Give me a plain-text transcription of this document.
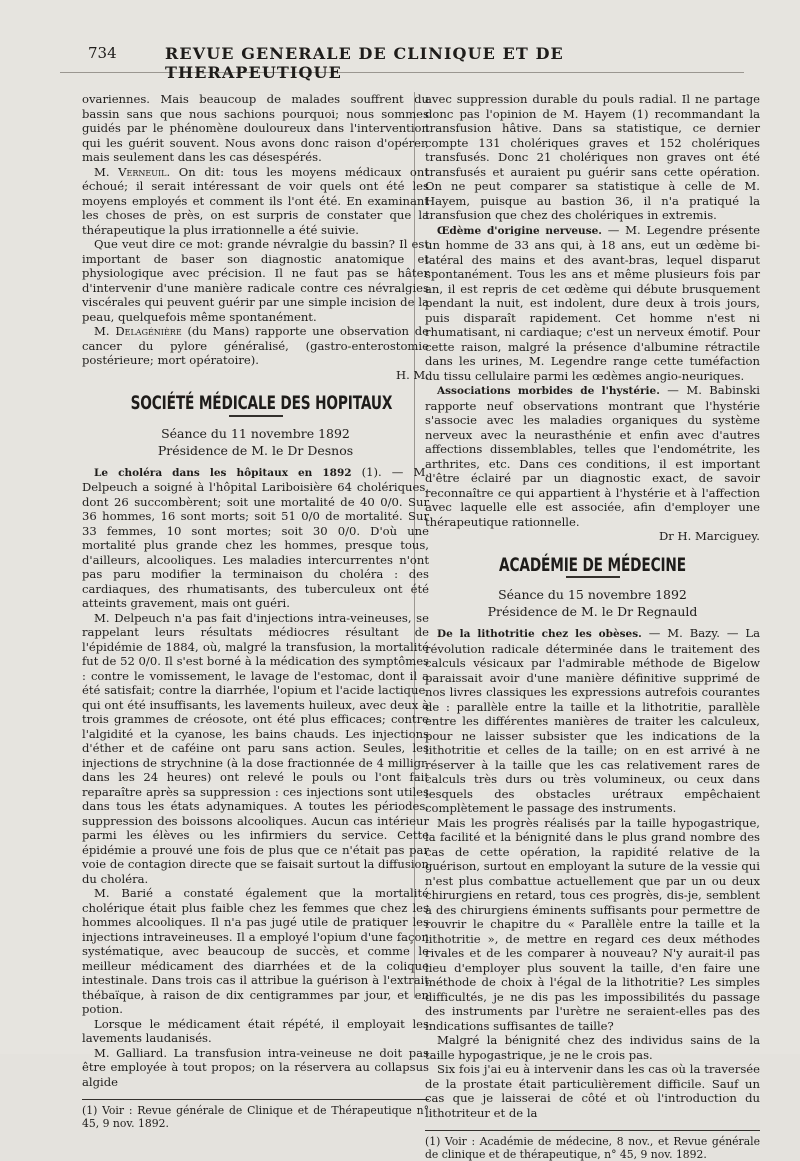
734	REVUE GENERALE DE CLINIQUE ET DE THERAPEUTIQUE

ovariennes. Mais beaucoup de malades souffrent du bassin sans que nous sachions pourquoi; nous sommes guidés par le phénomène douloureux dans l'intervention qui les guérit souvent. Nous avons donc raison d'opérer, mais seulement dans les cas désespérés.

M. Verneuil. On dit: tous les moyens médicaux ont échoué; il serait intéressant de voir quels ont été les moyens employés et comment ils l'ont été. En examinant les choses de près, on est surpris de constater que la thérapeutique la plus irrationnelle a été suivie.

Que veut dire ce mot: grande névralgie du bassin? Il est important de baser son diagnostic anatomique et physiologique avec précision. Il ne faut pas se hâter d'intervenir d'une manière radicale contre ces névralgies viscérales qui peuvent guérir par une simple incision de la peau, quelquefois même spontanément.

M. Delagénière (du Mans) rapporte une observation de cancer du pylore généralisé, (gastro-enterostomie postérieure; mort opératoire).

H. M.

SOCIÉTÉ MÉDICALE DES HOPITAUX
Séance du 11 novembre 1892
Présidence de M. le Dr Desnos

Le choléra dans les hôpitaux en 1892 (1). — M. Delpeuch a soigné à l'hôpital Lariboisière 64 cholériques, dont 26 succombèrent; soit une mortalité de 40 0/0. Sur 36 hommes, 16 sont morts; soit 51 0/0 de mortalité. Sur 33 femmes, 10 sont mortes; soit 30 0/0. D'où une mortalité plus grande chez les hommes, presque tous, d'ailleurs, alcooliques. Les maladies intercurrentes n'ont pas paru modifier la terminaison du choléra : des cardiaques, des rhumatisants, des tuberculeux ont été atteints gravement, mais ont guéri.

M. Delpeuch n'a pas fait d'injections intra-veineuses, se rappelant leurs résultats médiocres résultant de l'épidémie de 1884, où, malgré la transfusion, la mortalité fut de 52 0/0. Il s'est borné à la médication des symptômes : contre le vomissement, le lavage de l'estomac, dont il a été satisfait; contre la diarrhée, l'opium et l'acide lactique, qui ont été insuffisants, les lavements huileux, avec deux à trois grammes de créosote, ont été plus efficaces; contre l'algidité et la cyanose, les bains chauds. Les injections d'éther et de caféine ont paru sans action. Seules, les injections de strychnine (à la dose fractionnée de 4 milligr. dans les 24 heures) ont relevé le pouls ou l'ont fait reparaître après sa suppression : ces injections sont utiles dans tous les états adynamiques. A toutes les périodes, suppression des boissons alcooliques. Aucun cas intérieur parmi les élèves ou les infirmiers du service. Cette épidémie a prouvé une fois de plus que ce n'était pas par voie de contagion directe que se faisait surtout la diffusion du choléra.

M. Barié a constaté également que la mortalité cholérique était plus faible chez les femmes que chez les hommes alcooliques. Il n'a pas jugé utile de pratiquer les injections intraveineuses. Il a employé l'opium d'une façon systématique, avec beaucoup de succès, et comme le meilleur médicament des diarrhées et de la colique intestinale. Dans trois cas il attribue la guérison à l'extrait thébaïque, à raison de dix centigrammes par jour, et en potion.

Lorsque le médicament était répété, il employait les lavements laudanisés.

M. Galliard. La transfusion intra-veineuse ne doit pas être employée à tout propos; on la réservera au collapsus algide

(1) Voir : Revue générale de Clinique et de Thérapeutique n° 45, 9 nov. 1892.

avec suppression durable du pouls radial. Il ne partage donc pas l'opinion de M. Hayem (1) recommandant la transfusion hâtive. Dans sa statistique, ce dernier compte 131 cholériques graves et 152 cholériques transfusés. Donc 21 cholériques non graves ont été transfusés et auraient pu guérir sans cette opération. On ne peut comparer sa statistique à celle de M. Hayem, puisque au bastion 36, il n'a pratiqué la transfusion que chez des cholériques in extremis.

Œdème d'origine nerveuse. — M. Legendre présente un homme de 33 ans qui, à 18 ans, eut un œdème bi-latéral des mains et des avant-bras, lequel disparut spontanément. Tous les ans et même plusieurs fois par an, il est repris de cet œdème qui débute brusquement pendant la nuit, est indolent, dure deux à trois jours, puis disparaît rapidement. Cet homme n'est ni rhumatisant, ni cardiaque; c'est un nerveux émotif. Pour cette raison, malgré la présence d'albumine rétractile dans les urines, M. Legendre range cette tuméfaction du tissu cellulaire parmi les œdèmes angio-neuriques.

Associations morbides de l'hystérie. — M. Babinski rapporte neuf observations montrant que l'hystérie s'associe avec les maladies organiques du système nerveux avec la neurasthénie et enfin avec d'autres affections dissemblables, telles que l'endométrite, les arthrites, etc. Dans ces conditions, il est important d'être éclairé par un diagnostic exact, de savoir reconnaître ce qui appartient à l'hystérie et à l'affection avec laquelle elle est associée, afin d'employer une thérapeutique rationnelle.

Dr H. Marciguey.

ACADÉMIE DE MÉDECINE
Séance du 15 novembre 1892
Présidence de M. le Dr Regnauld

De la lithotritie chez les obèses. — M. Bazy. — La révolution radicale déterminée dans le traitement des calculs vésicaux par l'admirable méthode de Bigelow paraissait avoir d'une manière définitive supprimé de nos livres classiques les expressions autrefois courantes de : parallèle entre la taille et la lithotritie, parallèle entre les différentes manières de traiter les calculeux, pour ne laisser subsister que les indications de la lithotritie et celles de la taille; on en est arrivé à ne réserver à la taille que les cas relativement rares de calculs très durs ou très volumineux, ou ceux dans lesquels des obstacles urétraux empêchaient complètement le passage des instruments.

Mais les progrès réalisés par la taille hypogastrique, la facilité et la bénignité dans le plus grand nombre des cas de cette opération, la rapidité relative de la guérison, surtout en employant la suture de la vessie qui n'est plus combattue actuellement que par un ou deux chirurgiens en retard, tous ces progrès, dis-je, semblent à des chirurgiens éminents suffisants pour permettre de rouvrir le chapitre du « Parallèle entre la taille et la lithotritie », de mettre en regard ces deux méthodes rivales et de les comparer à nouveau? N'y aurait-il pas lieu d'employer plus souvent la taille, d'en faire une méthode de choix à l'égal de la lithotritie? Les simples difficultés, je ne dis pas les impossibilités du passage des instruments par l'urètre ne seraient-elles pas des indications suffisantes de taille?

Malgré la bénignité chez des individus sains de la taille hypogastrique, je ne le crois pas.

Six fois j'ai eu à intervenir dans les cas où la traversée de la prostate était particulièrement difficile. Sauf un cas que je laisserai de côté et où l'introduction du lithotriteur et de la

(1) Voir : Académie de médecine, 8 nov., et Revue générale de clinique et de thérapeutique, n° 45, 9 nov. 1892.
